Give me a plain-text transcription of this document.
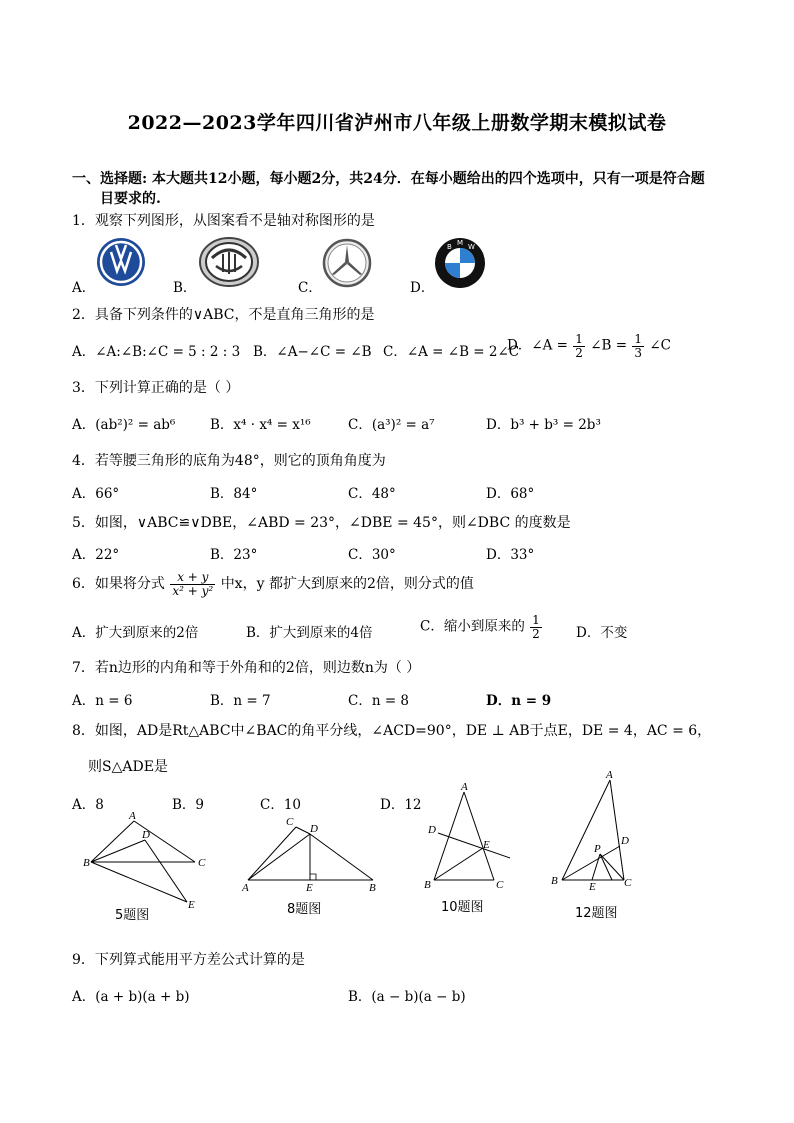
2022—2023学年四川省泸州市八年级上册数学期末模拟试卷
一、选择题: 本大题共12小题，每小题2分，共24分．在每小题给出的四个选项中，只有一项是符合题
目要求的.
1．观察下列图形，从图案看不是轴对称图形的是
A．	B．	C．	D．
B M W
2．具备下列条件的∨ABC，不是直角三角形的是
A．∠A:∠B:∠C = 5 : 2 : 3 B．∠A−∠C = ∠B C．∠A = ∠B = 2∠C
D．∠A = $\frac{1}{2}$ ∠B = $\frac{1}{3}$ ∠C
3．下列计算正确的是（ ）
A．(ab²)² = ab⁶	B．x⁴ · x⁴ = x¹⁶	C．(a³)² = a⁷	D．b³ + b³ = 2b³
4．若等腰三角形的底角为48°，则它的顶角角度为
A．66°	B．84°	C．48°	D．68°
5．如图，∨ABC≌∨DBE，∠ABD = 23°，∠DBE = 45°，则∠DBC 的度数是
A．22°	B．23°	C．30°	D．33°
6．如果将分式 $\frac{x + y}{\text{x² + y²}}$ 中x，y 都扩大到原来的2倍，则分式的值
A．扩大到原来的2倍	B．扩大到原来的4倍	C．缩小到原来的 $\frac{1}{2}$	D．不变
7．若n边形的内角和等于外角和的2倍，则边数n为（ ）
A．n = 6	B．n = 7	C．n = 8	D．n = 9
8．如图，AD是Rt△ABC中∠BAC的角平分线，∠ACD=90°，DE ⊥ AB于点E，DE = 4，AC = 6，
则S△ADE是
A．8	B．9	C．10	D．12
A
D
B	C
E
5题图
C
D
A	E	B
8题图
A
D
E
B	C
10题图
A
D
P
B	E	C
12题图
9．下列算式能用平方差公式计算的是
A．(a + b)(a + b)	B．(a − b)(a − b)
